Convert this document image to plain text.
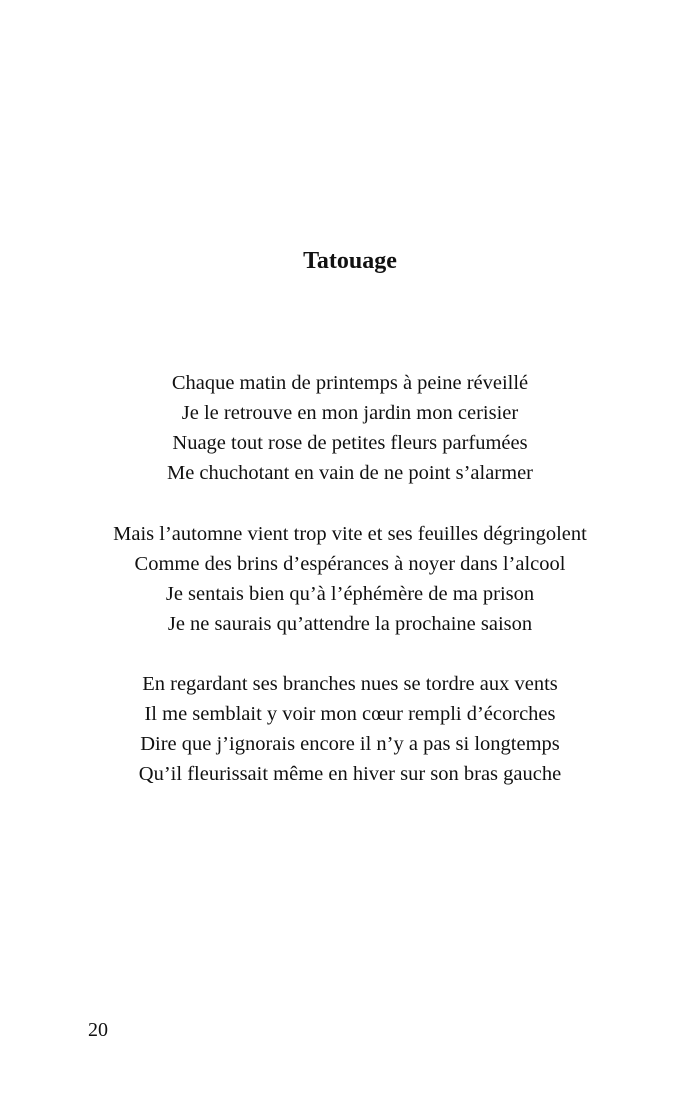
Tatouage
Chaque matin de printemps à peine réveillé
Je le retrouve en mon jardin mon cerisier
Nuage tout rose de petites fleurs parfumées
Me chuchotant en vain de ne point s’alarmer
Mais l’automne vient trop vite et ses feuilles dégringolent
Comme des brins d’espérances à noyer dans l’alcool
Je sentais bien qu’à l’éphémère de ma prison
Je ne saurais qu’attendre la prochaine saison
En regardant ses branches nues se tordre aux vents
Il me semblait y voir mon cœur rempli d’écorches
Dire que j’ignorais encore il n’y a pas si longtemps
Qu’il fleurissait même en hiver sur son bras gauche
20
